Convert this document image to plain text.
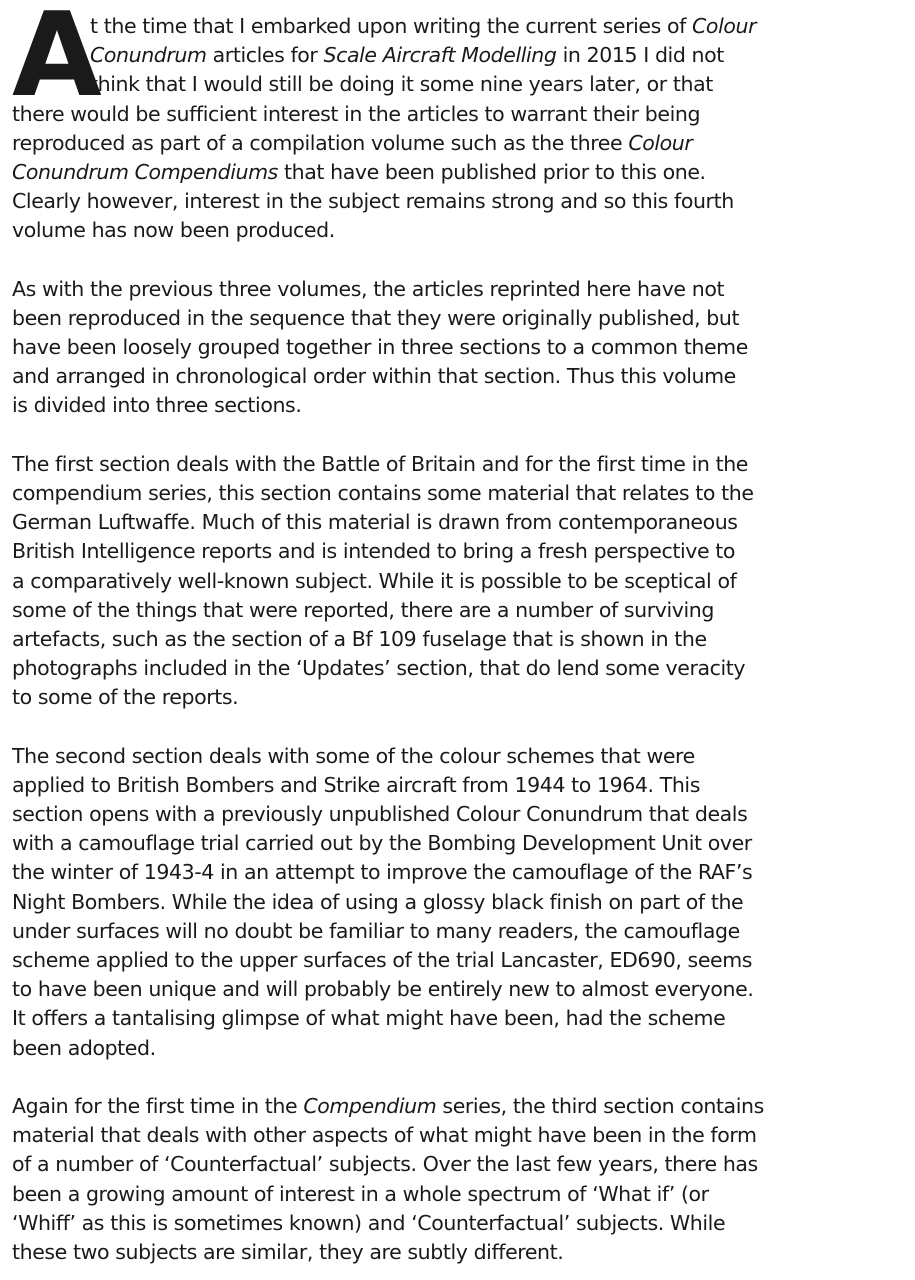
A
t the time that I embarked upon writing the current series of Colour
Conundrum articles for Scale Aircraft Modelling in 2015 I did not
think that I would still be doing it some nine years later, or that
there would be sufficient interest in the articles to warrant their being
reproduced as part of a compilation volume such as the three Colour
Conundrum Compendiums that have been published prior to this one.
Clearly however, interest in the subject remains strong and so this fourth
volume has now been produced.
As with the previous three volumes, the articles reprinted here have not
been reproduced in the sequence that they were originally published, but
have been loosely grouped together in three sections to a common theme
and arranged in chronological order within that section. Thus this volume
is divided into three sections.
The first section deals with the Battle of Britain and for the first time in the
compendium series, this section contains some material that relates to the
German Luftwaffe. Much of this material is drawn from contemporaneous
British Intelligence reports and is intended to bring a fresh perspective to
a comparatively well-known subject. While it is possible to be sceptical of
some of the things that were reported, there are a number of surviving
artefacts, such as the section of a Bf 109 fuselage that is shown in the
photographs included in the ‘Updates’ section, that do lend some veracity
to some of the reports.
The second section deals with some of the colour schemes that were
applied to British Bombers and Strike aircraft from 1944 to 1964. This
section opens with a previously unpublished Colour Conundrum that deals
with a camouflage trial carried out by the Bombing Development Unit over
the winter of 1943-4 in an attempt to improve the camouflage of the RAF’s
Night Bombers. While the idea of using a glossy black finish on part of the
under surfaces will no doubt be familiar to many readers, the camouflage
scheme applied to the upper surfaces of the trial Lancaster, ED690, seems
to have been unique and will probably be entirely new to almost everyone.
It offers a tantalising glimpse of what might have been, had the scheme
been adopted.
Again for the first time in the Compendium series, the third section contains
material that deals with other aspects of what might have been in the form
of a number of ‘Counterfactual’ subjects. Over the last few years, there has
been a growing amount of interest in a whole spectrum of ‘What if’ (or
‘Whiff’ as this is sometimes known) and ‘Counterfactual’ subjects. While
these two subjects are similar, they are subtly different.
